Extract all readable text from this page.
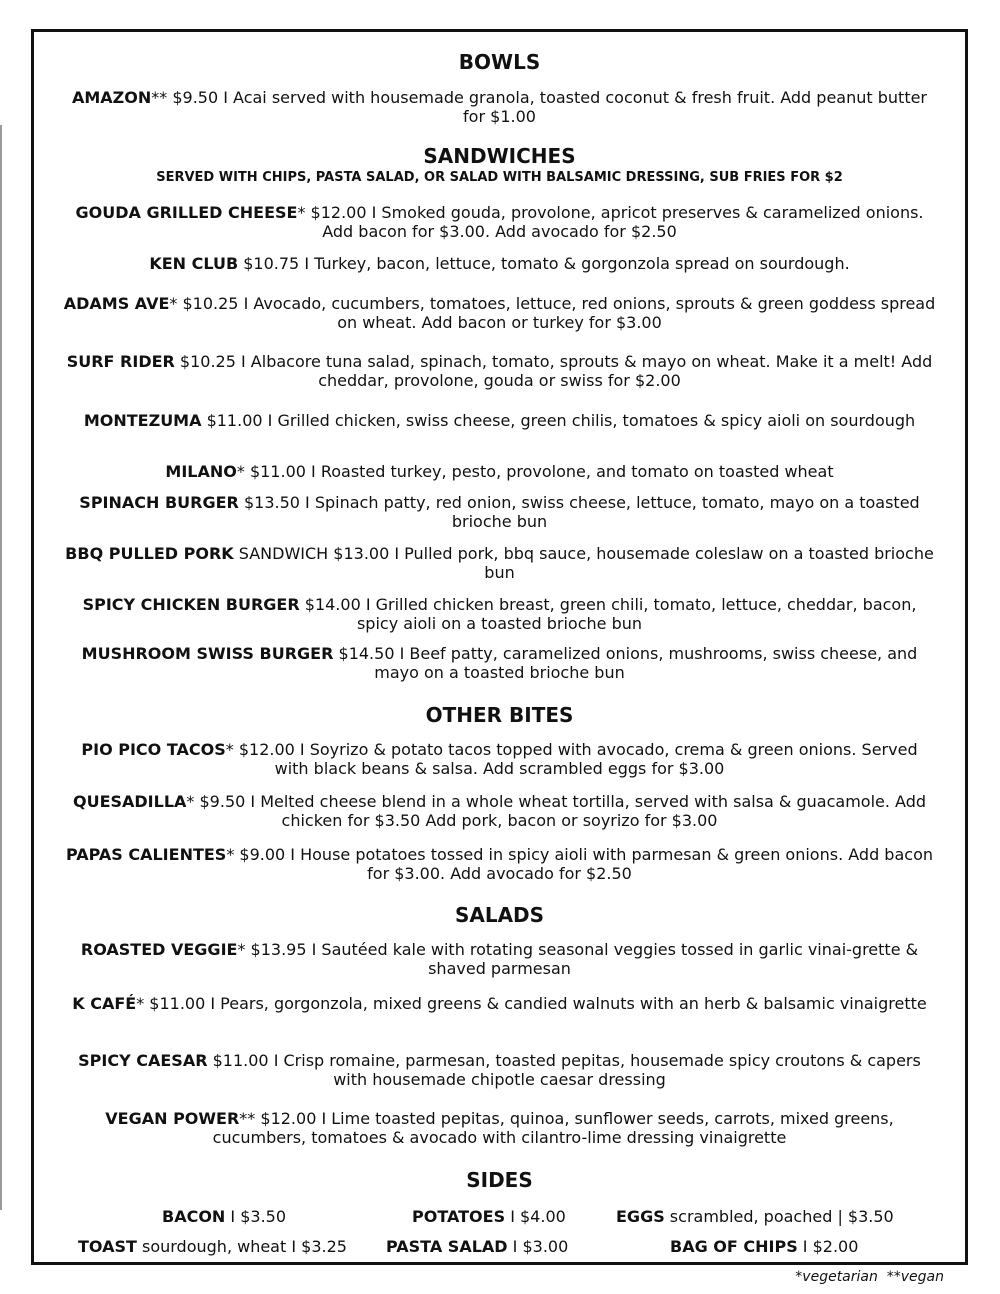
BOWLS

AMAZON** $9.50 I Acai served with housemade granola, toasted coconut & fresh fruit. Add peanut butter for $1.00

SANDWICHES

SERVED WITH CHIPS, PASTA SALAD, OR SALAD WITH BALSAMIC DRESSING, SUB FRIES FOR $2

GOUDA GRILLED CHEESE* $12.00 I Smoked gouda, provolone, apricot preserves & caramelized onions. Add bacon for $3.00. Add avocado for $2.50

KEN CLUB $10.75 I Turkey, bacon, lettuce, tomato & gorgonzola spread on sourdough.

ADAMS AVE* $10.25 I Avocado, cucumbers, tomatoes, lettuce, red onions, sprouts & green goddess spread on wheat. Add bacon or turkey for $3.00

SURF RIDER $10.25 I Albacore tuna salad, spinach, tomato, sprouts & mayo on wheat. Make it a melt! Add cheddar, provolone, gouda or swiss for $2.00

MONTEZUMA $11.00 I Grilled chicken, swiss cheese, green chilis, tomatoes & spicy aioli on sourdough

MILANO* $11.00 I Roasted turkey, pesto, provolone, and tomato on toasted wheat

SPINACH BURGER $13.50 I Spinach patty, red onion, swiss cheese, lettuce, tomato, mayo on a toasted brioche bun

BBQ PULLED PORK SANDWICH $13.00 I Pulled pork, bbq sauce, housemade coleslaw on a toasted brioche bun

SPICY CHICKEN BURGER $14.00 I Grilled chicken breast, green chili, tomato, lettuce, cheddar, bacon, spicy aioli on a toasted brioche bun

MUSHROOM SWISS BURGER $14.50 I Beef patty, caramelized onions, mushrooms, swiss cheese, and mayo on a toasted brioche bun

OTHER BITES

PIO PICO TACOS* $12.00 I Soyrizo & potato tacos topped with avocado, crema & green onions. Served with black beans & salsa. Add scrambled eggs for $3.00

QUESADILLA* $9.50 I Melted cheese blend in a whole wheat tortilla, served with salsa & guacamole. Add chicken for $3.50 Add pork, bacon or soyrizo for $3.00

PAPAS CALIENTES* $9.00 I House potatoes tossed in spicy aioli with parmesan & green onions. Add bacon for $3.00. Add avocado for $2.50

SALADS

ROASTED VEGGIE* $13.95 I Sautéed kale with rotating seasonal veggies tossed in garlic vinai-grette & shaved parmesan

K CAFÉ* $11.00 I Pears, gorgonzola, mixed greens & candied walnuts with an herb & balsamic vinaigrette

SPICY CAESAR $11.00 I Crisp romaine, parmesan, toasted pepitas, housemade spicy croutons & capers with housemade chipotle caesar dressing

VEGAN POWER** $12.00 I Lime toasted pepitas, quinoa, sunflower seeds, carrots, mixed greens, cucumbers, tomatoes & avocado with cilantro-lime dressing vinaigrette

SIDES

BACON I $3.50	POTATOES I $4.00	EGGS scrambled, poached | $3.50

TOAST sourdough, wheat I $3.25 PASTA SALAD I $3.00	BAG OF CHIPS I $2.00

*vegetarian  **vegan
